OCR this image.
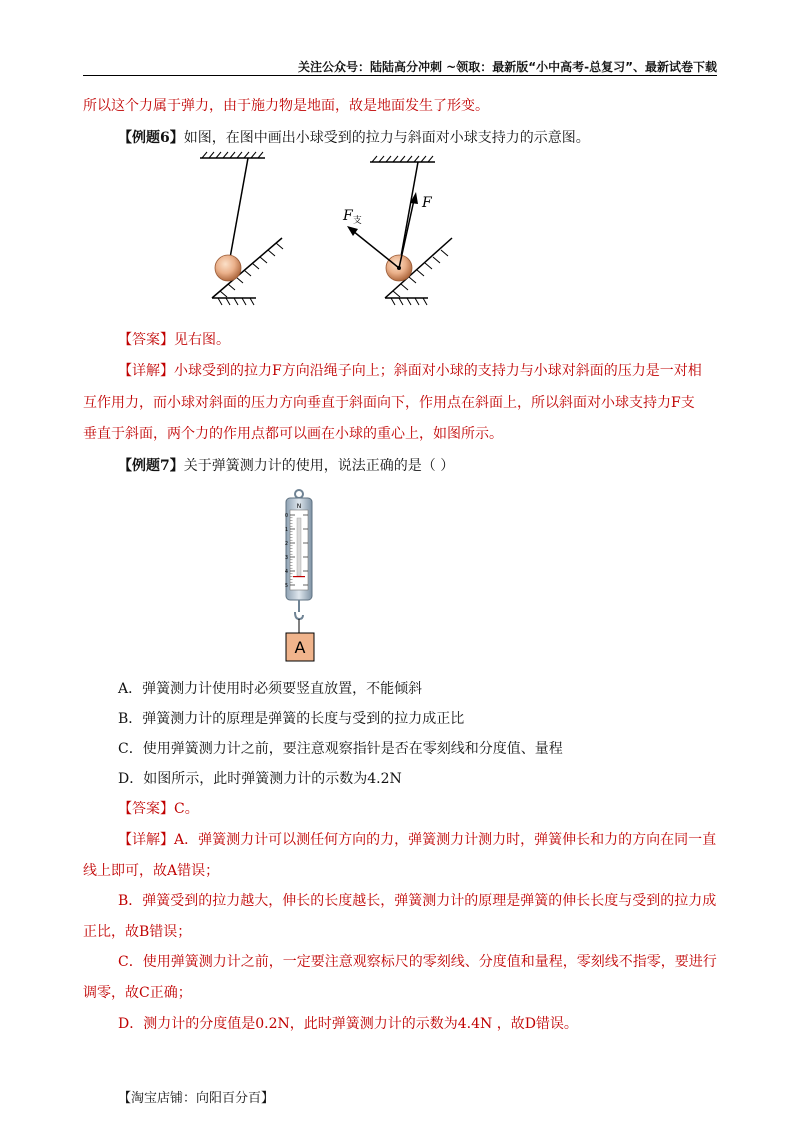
关注公众号：陆陆高分冲刺 ~领取：最新版“小中高考-总复习”、最新试卷下载
所以这个力属于弹力，由于施力物是地面，故是地面发生了形变。
【例题6】如图，在图中画出小球受到的拉力与斜面对小球支持力的示意图。
F
$F_支$
【答案】见右图。
【详解】小球受到的拉力F方向沿绳子向上；斜面对小球的支持力与小球对斜面的压力是一对相
互作用力，而小球对斜面的压力方向垂直于斜面向下，作用点在斜面上，所以斜面对小球支持力F支
垂直于斜面，两个力的作用点都可以画在小球的重心上，如图所示。
【例题7】关于弹簧测力计的使用，说法正确的是（ ）
N
0
1
2
3
4
5
A
A．弹簧测力计使用时必须要竖直放置，不能倾斜
B．弹簧测力计的原理是弹簧的长度与受到的拉力成正比
C．使用弹簧测力计之前，要注意观察指针是否在零刻线和分度值、量程
D．如图所示，此时弹簧测力计的示数为4.2N
【答案】C。
【详解】A．弹簧测力计可以测任何方向的力，弹簧测力计测力时，弹簧伸长和力的方向在同一直
线上即可，故A错误；
B．弹簧受到的拉力越大，伸长的长度越长，弹簧测力计的原理是弹簧的伸长长度与受到的拉力成
正比，故B错误；
C．使用弹簧测力计之前，一定要注意观察标尺的零刻线、分度值和量程，零刻线不指零，要进行
调零，故C正确；
D．测力计的分度值是0.2N，此时弹簧测力计的示数为4.4N ，故D错误。
【淘宝店铺：向阳百分百】
